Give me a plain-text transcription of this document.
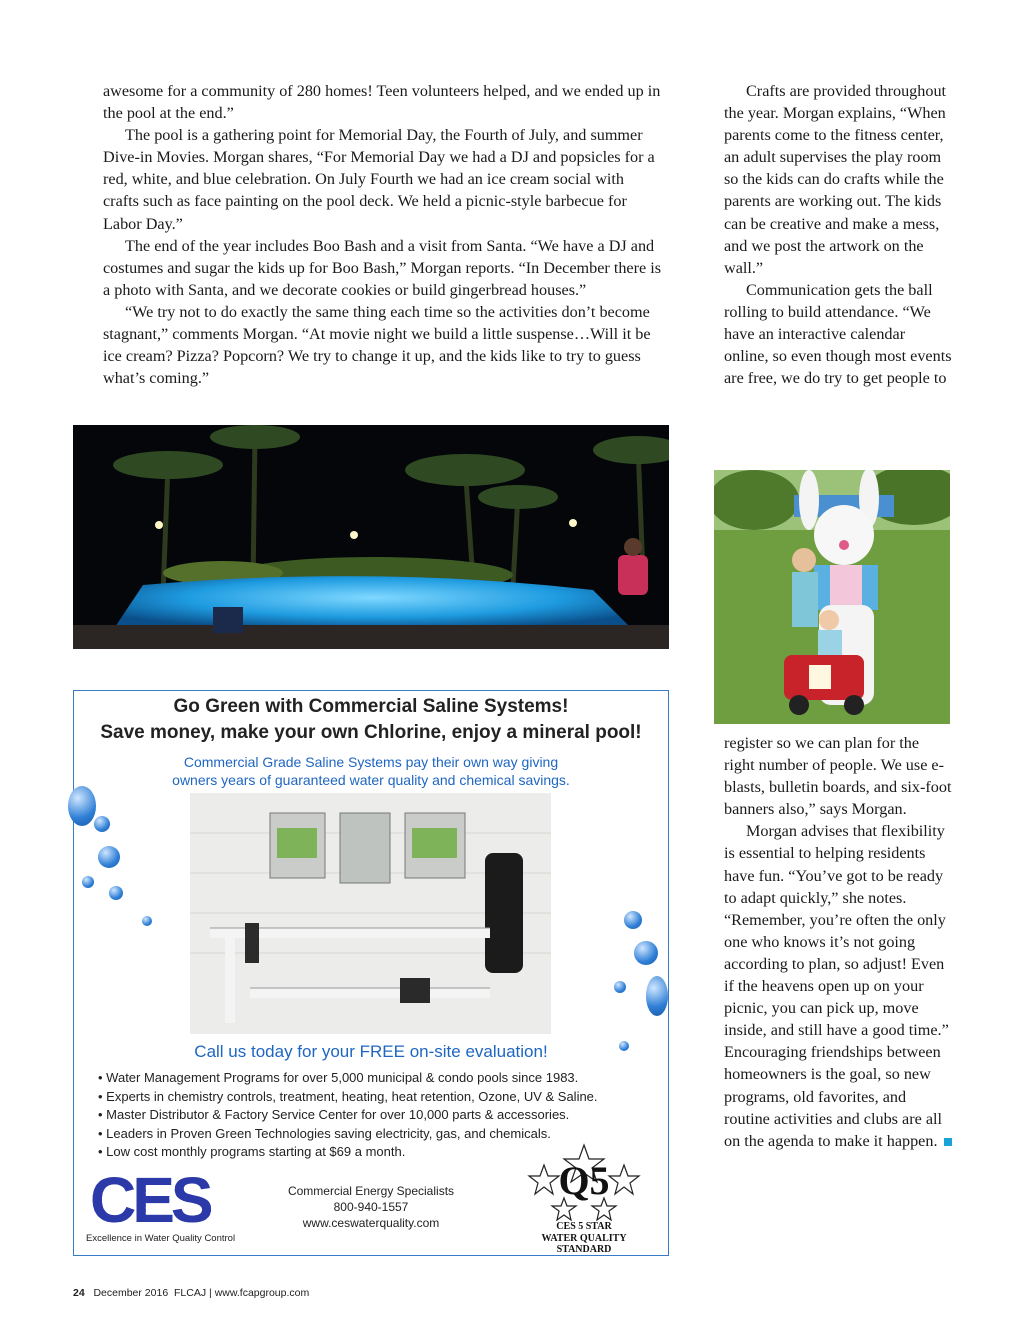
awesome for a community of 280 homes! Teen volunteers helped, and we ended up in the pool at the end.”

The pool is a gathering point for Memorial Day, the Fourth of July, and summer Dive-in Movies. Morgan shares, “For Memorial Day we had a DJ and popsicles for a red, white, and blue celebration. On July Fourth we had an ice cream social with crafts such as face painting on the pool deck. We held a picnic-style barbecue for Labor Day.”

The end of the year includes Boo Bash and a visit from Santa. “We have a DJ and costumes and sugar the kids up for Boo Bash,” Morgan reports. “In December there is a photo with Santa, and we decorate cookies or build gingerbread houses.”

“We try not to do exactly the same thing each time so the activities don’t become stagnant,” comments Morgan. “At movie night we build a little suspense…Will it be ice cream? Pizza? Popcorn? We try to change it up, and the kids like to try to guess what’s coming.”

Crafts are provided throughout the year. Morgan explains, “When parents come to the fitness center, an adult supervises the play room so the kids can do crafts while the parents are working out. The kids can be creative and make a mess, and we post the artwork on the wall.”

Communication gets the ball rolling to build attendance. “We have an interactive calendar online, so even though most events are free, we do try to get people to

register so we can plan for the right number of people. We use e-blasts, bulletin boards, and six-foot banners also,” says Morgan.

Morgan advises that flexibility is essential to helping residents have fun. “You’ve got to be ready to adapt quickly,” she notes. “Remember, you’re often the only one who knows it’s not going according to plan, so adjust! Even if the heavens open up on your picnic, you can pick up, move inside, and still have a good time.” Encouraging friendships between homeowners is the goal, so new programs, old favorites, and routine activities and clubs are all on the agenda to make it happen.

Go Green with Commercial Saline Systems!
Save money, make your own Chlorine, enjoy a mineral pool!
Commercial Grade Saline Systems pay their own way giving
owners years of guaranteed water quality and chemical savings.
Call us today for your FREE on-site evaluation!
• Water Management Programs for over 5,000 municipal & condo pools since 1983.
• Experts in chemistry controls, treatment, heating, heat retention, Ozone, UV & Saline.
• Master Distributor & Factory Service Center for over 10,000 parts & accessories.
• Leaders in Proven Green Technologies saving electricity, gas, and chemicals.
• Low cost monthly programs starting at $69 a month.
CES
Excellence in Water Quality Control
Commercial Energy Specialists
800-940-1557
www.ceswaterquality.com
Q5
CES 5 STAR
WATER QUALITY STANDARD
24 December 2016 FLCAJ | www.fcapgroup.com
